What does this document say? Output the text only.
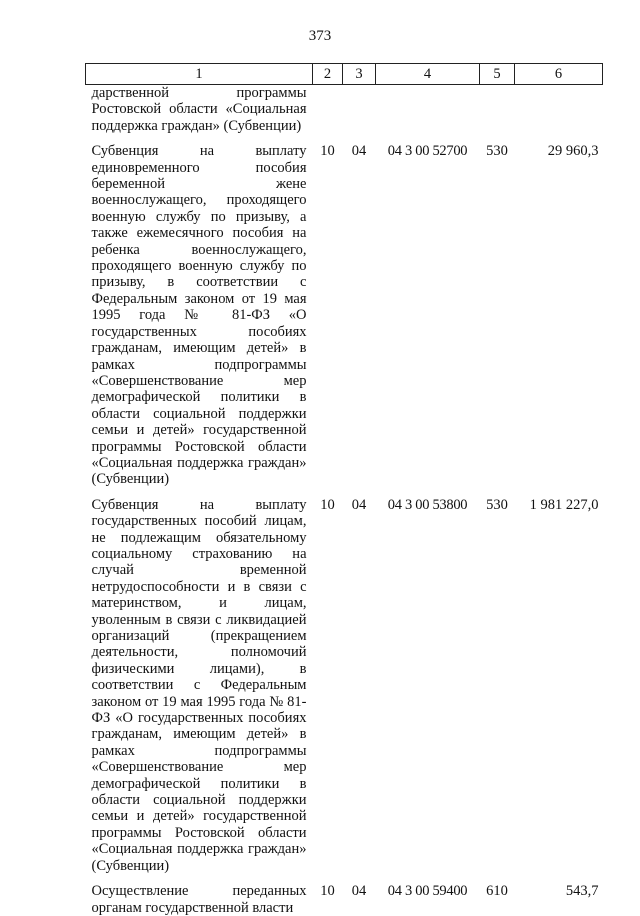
373
1	2	3	4	5	6
дарственной программы Ростовской области «Социальная поддержка граждан» (Субвенции)					
Субвенция на выплату единовременного пособия беременной жене военнослужащего, проходящего военную службу по призыву, а также ежемесячного пособия на ребенка военнослужащего, проходящего военную службу по призыву, в соответствии с Федеральным законом от 19 мая 1995 года № 81-ФЗ «О государственных пособиях гражданам, имеющим детей» в рамках подпрограммы «Совершенствование мер демографической политики в области социальной поддержки семьи и детей» государственной программы Ростовской области «Социальная поддержка граждан» (Субвенции)	10	04	04 3 00 52700	530	29 960,3
Субвенция на выплату государственных пособий лицам, не подлежащим обязательному социальному страхованию на случай временной нетрудоспособности и в связи с материнством, и лицам, уволенным в связи с ликвидацией организаций (прекращением деятельности, полномочий физическими лицами), в соответствии с Федеральным законом от 19 мая 1995 года № 81-ФЗ «О государственных пособиях гражданам, имеющим детей» в рамках подпрограммы «Совершенствование мер демографической политики в области социальной поддержки семьи и детей» государственной программы Ростовской области «Социальная поддержка граждан» (Субвенции)	10	04	04 3 00 53800	530	1 981 227,0
Осуществление переданных органам государственной власти	10	04	04 3 00 59400	610	543,7
